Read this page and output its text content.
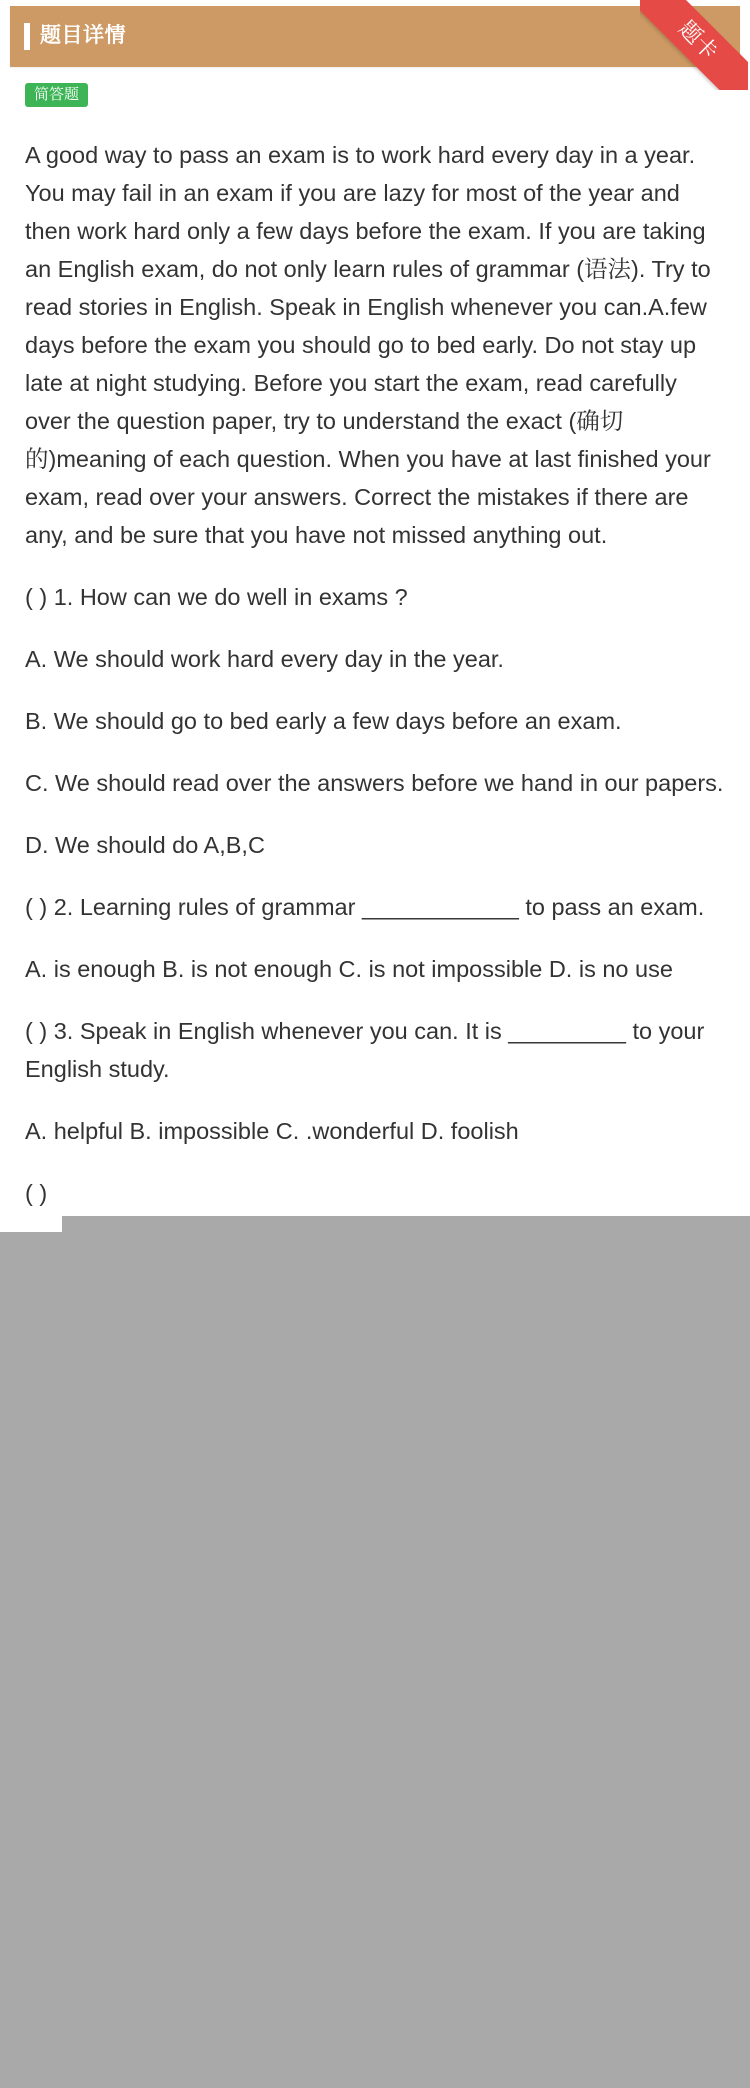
题目详情	题卡
简答题

A good way to pass an exam is to work hard every day in a year. You may fail in an exam if you are lazy for most of the year and then work hard only a few days before the exam. If you are taking an English exam, do not only learn rules of grammar (语法). Try to read stories in English. Speak in English whenever you can.A.few days before the exam you should go to bed early. Do not stay up late at night studying. Before you start the exam, read carefully over the question paper, try to understand the exact (确切的)meaning of each question. When you have at last finished your exam, read over your answers. Correct the mistakes if there are any, and be sure that you have not missed anything out.

( ) 1. How can we do well in exams ?

A. We should work hard every day in the year.

B. We should go to bed early a few days before an exam.

C. We should read over the answers before we hand in our papers.

D. We should do A,B,C

( ) 2. Learning rules of grammar ____________ to pass an exam.

A. is enough B. is not enough C. is not impossible D. is no use

( ) 3. Speak in English whenever you can. It is _________ to your English study.

A. helpful B. impossible C. .wonderful D. foolish

( )
